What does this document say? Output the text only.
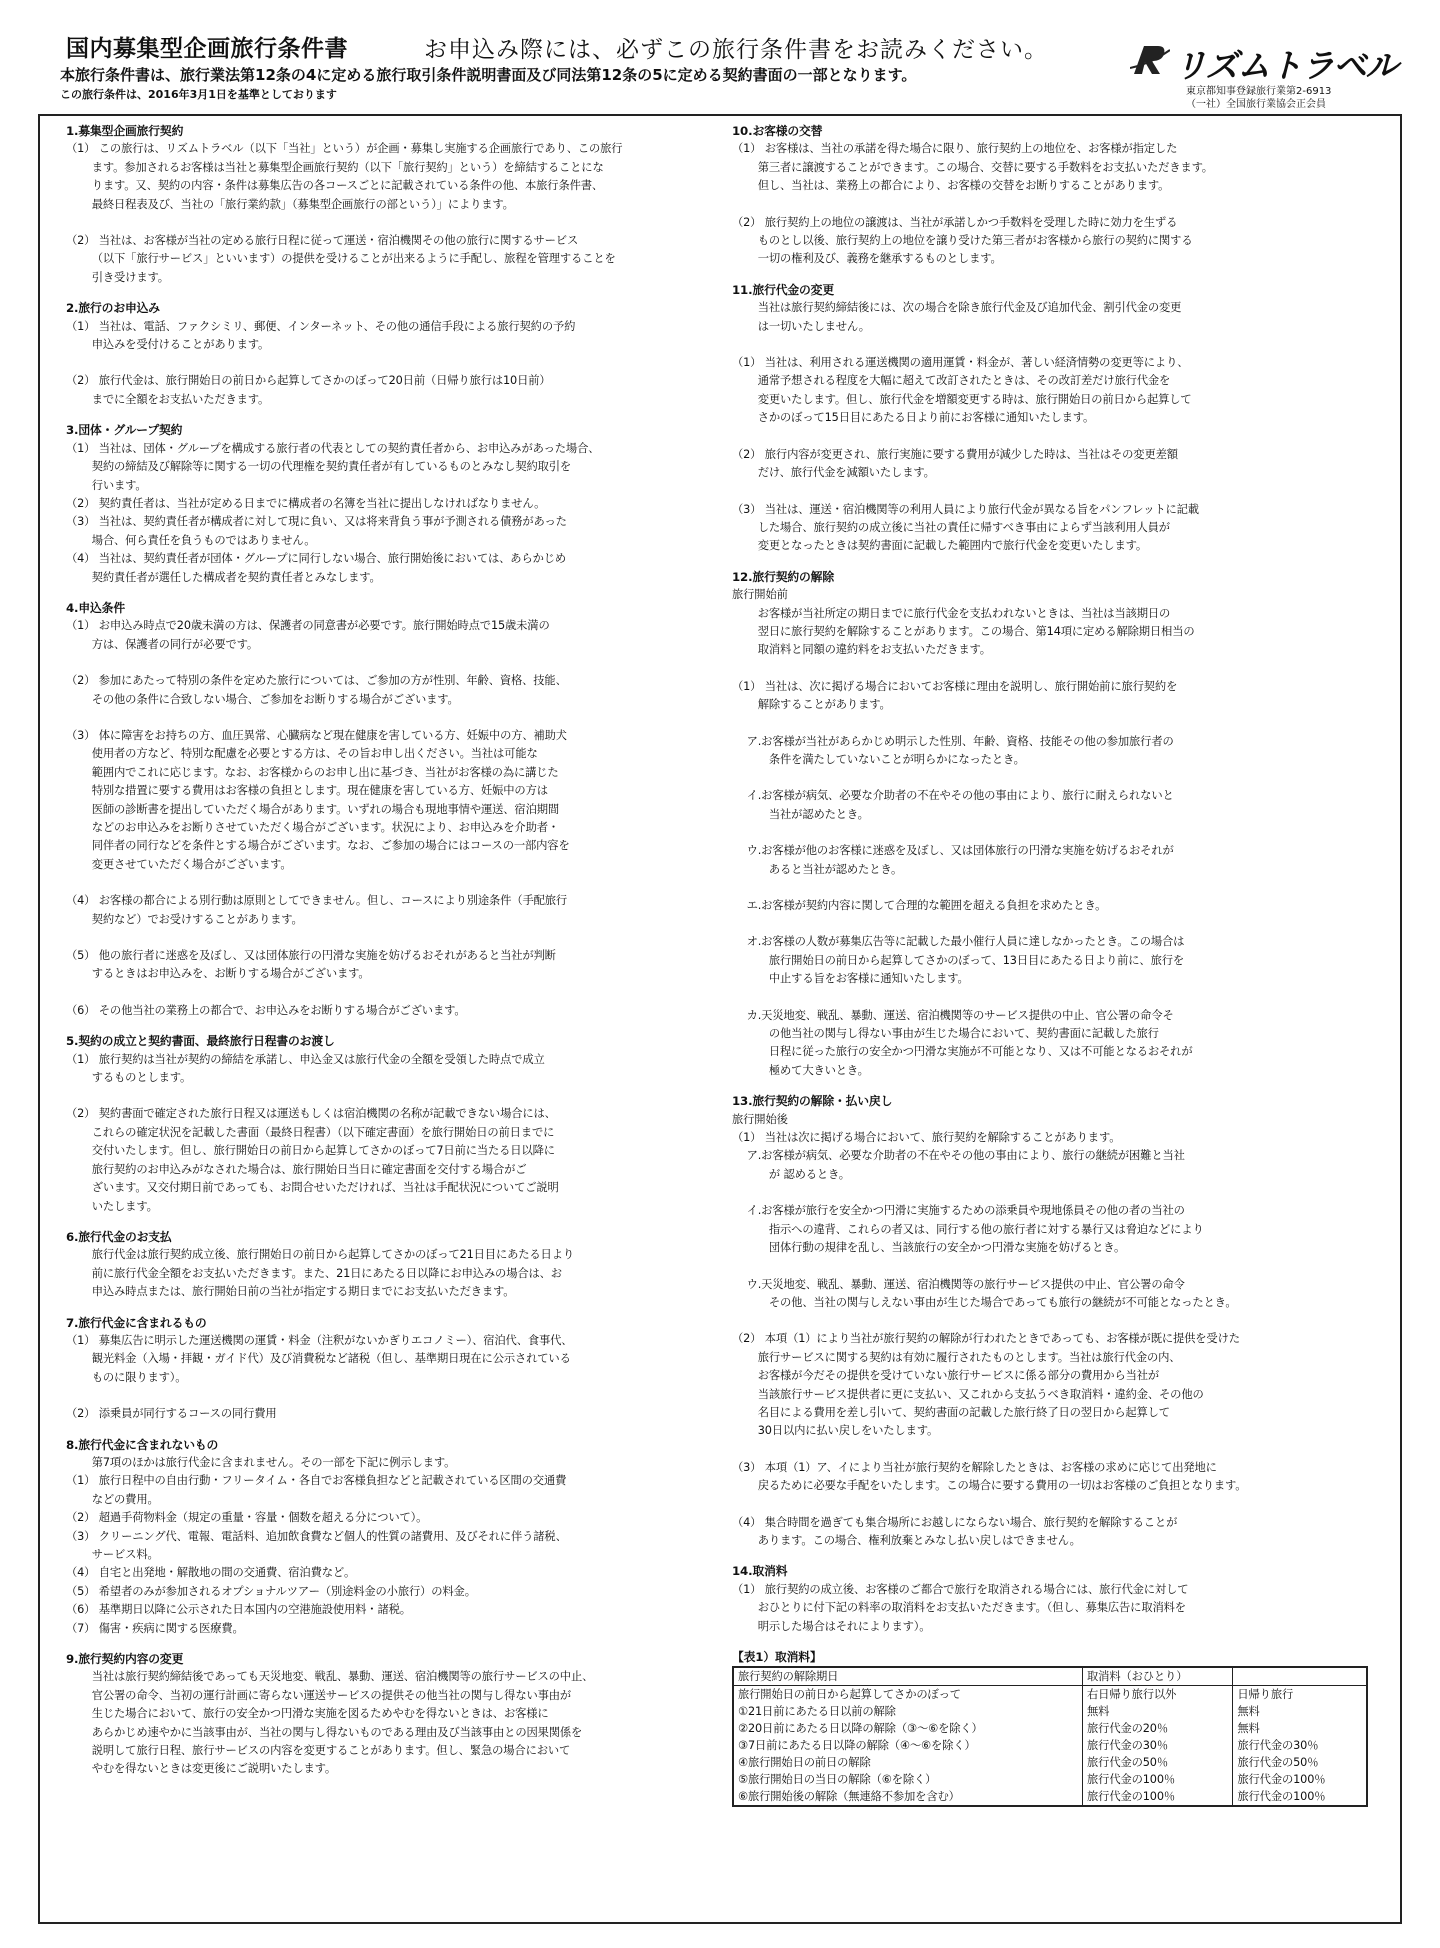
国内募集型企画旅行条件書	お申込み際には、必ずこの旅行条件書をお読みください。
本旅行条件書は、旅行業法第12条の4に定める旅行取引条件説明書面及び同法第12条の5に定める契約書面の一部となります。
この旅行条件は、2016年3月1日を基準としております
リズムトラベル
東京都知事登録旅行業第2-6913
（一社）全国旅行業協会正会員
1.募集型企画旅行契約
（1） この旅行は、リズムトラベル（以下「当社」という）が企画・募集し実施する企画旅行であり、この旅行
　　 ます。参加されるお客様は当社と募集型企画旅行契約（以下「旅行契約」という）を締結することにな
　　 ります。又、契約の内容・条件は募集広告の各コースごとに記載されている条件の他、本旅行条件書、
　　 最終日程表及び、当社の「旅行業約款」（募集型企画旅行の部という）」によります。
（2） 当社は、お客様が当社の定める旅行日程に従って運送・宿泊機関その他の旅行に関するサービス
　　 （以下「旅行サービス」といいます）の提供を受けることが出来るように手配し、旅程を管理することを
　　 引き受けます。
2.旅行のお申込み
（1） 当社は、電話、ファクシミリ、郵便、インターネット、その他の通信手段による旅行契約の予約
　　 申込みを受付けることがあります。
（2） 旅行代金は、旅行開始日の前日から起算してさかのぼって20日前（日帰り旅行は10日前）
　　 までに全額をお支払いただきます。
3.団体・グループ契約
（1） 当社は、団体・グループを構成する旅行者の代表としての契約責任者から、お申込みがあった場合、
　　 契約の締結及び解除等に関する一切の代理権を契約責任者が有しているものとみなし契約取引を
　　 行います。
（2） 契約責任者は、当社が定める日までに構成者の名簿を当社に提出しなければなりません。
（3） 当社は、契約責任者が構成者に対して現に負い、又は将来背負う事が予測される債務があった
　　 場合、何ら責任を負うものではありません。
（4） 当社は、契約責任者が団体・グループに同行しない場合、旅行開始後においては、あらかじめ
　　 契約責任者が選任した構成者を契約責任者とみなします。
4.申込条件
（1） お申込み時点で20歳未満の方は、保護者の同意書が必要です。旅行開始時点で15歳未満の
　　 方は、保護者の同行が必要です。
（2） 参加にあたって特別の条件を定めた旅行については、ご参加の方が性別、年齢、資格、技能、
　　 その他の条件に合致しない場合、ご参加をお断りする場合がございます。
（3） 体に障害をお持ちの方、血圧異常、心臓病など現在健康を害している方、妊娠中の方、補助犬
　　 使用者の方など、特別な配慮を必要とする方は、その旨お申し出ください。当社は可能な
　　 範囲内でこれに応じます。なお、お客様からのお申し出に基づき、当社がお客様の為に講じた
　　 特別な措置に要する費用はお客様の負担とします。現在健康を害している方、妊娠中の方は
　　 医師の診断書を提出していただく場合があります。いずれの場合も現地事情や運送、宿泊期間
　　 などのお申込みをお断りさせていただく場合がございます。状況により、お申込みを介助者・
　　 同伴者の同行などを条件とする場合がございます。なお、ご参加の場合にはコースの一部内容を
　　 変更させていただく場合がございます。
（4） お客様の都合による別行動は原則としてできません。但し、コースにより別途条件（手配旅行
　　 契約など）でお受けすることがあります。
（5） 他の旅行者に迷惑を及ぼし、又は団体旅行の円滑な実施を妨げるおそれがあると当社が判断
　　 するときはお申込みを、お断りする場合がございます。
（6） その他当社の業務上の都合で、お申込みをお断りする場合がございます。
5.契約の成立と契約書面、最終旅行日程書のお渡し
（1） 旅行契約は当社が契約の締結を承諾し、申込金又は旅行代金の全額を受領した時点で成立
　　 するものとします。
（2） 契約書面で確定された旅行日程又は運送もしくは宿泊機関の名称が記載できない場合には、
　　 これらの確定状況を記載した書面（最終日程書）（以下確定書面）を旅行開始日の前日までに
　　 交付いたします。但し、旅行開始日の前日から起算してさかのぼって7日前に当たる日以降に
　　 旅行契約のお申込みがなされた場合は、旅行開始日当日に確定書面を交付する場合がご
　　 ざいます。又交付期日前であっても、お問合せいただければ、当社は手配状況についてご説明
　　 いたします。
6.旅行代金のお支払
　　 旅行代金は旅行契約成立後、旅行開始日の前日から起算してさかのぼって21日目にあたる日より
　　 前に旅行代金全額をお支払いただきます。また、21日にあたる日以降にお申込みの場合は、お
　　 申込み時点または、旅行開始日前の当社が指定する期日までにお支払いただきます。
7.旅行代金に含まれるもの
（1） 募集広告に明示した運送機関の運賃・料金（注釈がないかぎりエコノミー）、宿泊代、食事代、
　　 観光料金（入場・拝観・ガイド代）及び消費税など諸税（但し、基準期日現在に公示されている
　　 ものに限ります）。
（2） 添乗員が同行するコースの同行費用
8.旅行代金に含まれないもの
　　 第7項のほかは旅行代金に含まれません。その一部を下記に例示します。
（1） 旅行日程中の自由行動・フリータイム・各自でお客様負担などと記載されている区間の交通費
　　 などの費用。
（2） 超過手荷物料金（規定の重量・容量・個数を超える分について）。
（3） クリーニング代、電報、電話料、追加飲食費など個人的性質の諸費用、及びそれに伴う諸税、
　　 サービス料。
（4） 自宅と出発地・解散地の間の交通費、宿泊費など。
（5） 希望者のみが参加されるオプショナルツアー（別途料金の小旅行）の料金。
（6） 基準期日以降に公示された日本国内の空港施設使用料・諸税。
（7） 傷害・疾病に関する医療費。
9.旅行契約内容の変更
　　 当社は旅行契約締結後であっても天災地変、戦乱、暴動、運送、宿泊機関等の旅行サービスの中止、
　　 官公署の命令、当初の運行計画に寄らない運送サービスの提供その他当社の関与し得ない事由が
　　 生じた場合において、旅行の安全かつ円滑な実施を図るためやむを得ないときは、お客様に
　　 あらかじめ速やかに当該事由が、当社の関与し得ないものである理由及び当該事由との因果関係を
　　 説明して旅行日程、旅行サービスの内容を変更することがあります。但し、緊急の場合において
　　 やむを得ないときは変更後にご説明いたします。
10.お客様の交替
（1） お客様は、当社の承諾を得た場合に限り、旅行契約上の地位を、お客様が指定した
　　 第三者に譲渡することができます。この場合、交替に要する手数料をお支払いただきます。
　　 但し、当社は、業務上の都合により、お客様の交替をお断りすることがあります。
（2） 旅行契約上の地位の譲渡は、当社が承諾しかつ手数料を受理した時に効力を生ずる
　　 ものとし以後、旅行契約上の地位を譲り受けた第三者がお客様から旅行の契約に関する
　　 一切の権利及び、義務を継承するものとします。
11.旅行代金の変更
　　 当社は旅行契約締結後には、次の場合を除き旅行代金及び追加代金、割引代金の変更
　　 は一切いたしません。
（1） 当社は、利用される運送機関の適用運賃・料金が、著しい経済情勢の変更等により、
　　 通常予想される程度を大幅に超えて改訂されたときは、その改訂差だけ旅行代金を
　　 変更いたします。但し、旅行代金を増額変更する時は、旅行開始日の前日から起算して
　　 さかのぼって15日目にあたる日より前にお客様に通知いたします。
（2） 旅行内容が変更され、旅行実施に要する費用が減少した時は、当社はその変更差額
　　 だけ、旅行代金を減額いたします。
（3） 当社は、運送・宿泊機関等の利用人員により旅行代金が異なる旨をパンフレットに記載
　　 した場合、旅行契約の成立後に当社の責任に帰すべき事由によらず当該利用人員が
　　 変更となったときは契約書面に記載した範囲内で旅行代金を変更いたします。
12.旅行契約の解除
旅行開始前
　　 お客様が当社所定の期日までに旅行代金を支払われないときは、当社は当該期日の
　　 翌日に旅行契約を解除することがあります。この場合、第14項に定める解除期日相当の
　　 取消料と同額の違約料をお支払いただきます。
（1） 当社は、次に掲げる場合においてお客様に理由を説明し、旅行開始前に旅行契約を
　　 解除することがあります。
　 ア.お客様が当社があらかじめ明示した性別、年齢、資格、技能その他の参加旅行者の
　　　 条件を満たしていないことが明らかになったとき。
　 イ.お客様が病気、必要な介助者の不在やその他の事由により、旅行に耐えられないと
　　　 当社が認めたとき。
　 ウ.お客様が他のお客様に迷惑を及ぼし、又は団体旅行の円滑な実施を妨げるおそれが
　　　 あると当社が認めたとき。
　 エ.お客様が契約内容に関して合理的な範囲を超える負担を求めたとき。
　 オ.お客様の人数が募集広告等に記載した最小催行人員に達しなかったとき。この場合は
　　　 旅行開始日の前日から起算してさかのぼって、13日目にあたる日より前に、旅行を
　　　 中止する旨をお客様に通知いたします。
　 カ.天災地変、戦乱、暴動、運送、宿泊機関等のサービス提供の中止、官公署の命令そ
　　　 の他当社の関与し得ない事由が生じた場合において、契約書面に記載した旅行
　　　 日程に従った旅行の安全かつ円滑な実施が不可能となり、又は不可能となるおそれが
　　　 極めて大きいとき。
13.旅行契約の解除・払い戻し
旅行開始後
（1） 当社は次に掲げる場合において、旅行契約を解除することがあります。
　 ア.お客様が病気、必要な介助者の不在やその他の事由により、旅行の継続が困難と当社
　　　 が 認めるとき。
　 イ.お客様が旅行を安全かつ円滑に実施するための添乗員や現地係員その他の者の当社の
　　　 指示への違背、これらの者又は、同行する他の旅行者に対する暴行又は脅迫などにより
　　　 団体行動の規律を乱し、当該旅行の安全かつ円滑な実施を妨げるとき。
　 ウ.天災地変、戦乱、暴動、運送、宿泊機関等の旅行サービス提供の中止、官公署の命令
　　　 その他、当社の関与しえない事由が生じた場合であっても旅行の継続が不可能となったとき。
（2） 本項（1）により当社が旅行契約の解除が行われたときであっても、お客様が既に提供を受けた
　　 旅行サービスに関する契約は有効に履行されたものとします。当社は旅行代金の内、
　　 お客様が今だその提供を受けていない旅行サービスに係る部分の費用から当社が
　　 当該旅行サービス提供者に更に支払い、又これから支払うべき取消料・違約金、その他の
　　 名目による費用を差し引いて、契約書面の記載した旅行終了日の翌日から起算して
　　 30日以内に払い戻しをいたします。
（3） 本項（1）ア、イにより当社が旅行契約を解除したときは、お客様の求めに応じて出発地に
　　 戻るために必要な手配をいたします。この場合に要する費用の一切はお客様のご負担となります。
（4） 集合時間を過ぎても集合場所にお越しにならない場合、旅行契約を解除することが
　　 あります。この場合、権利放棄とみなし払い戻しはできません。
14.取消料
（1） 旅行契約の成立後、お客様のご都合で旅行を取消される場合には、旅行代金に対して
　　 おひとりに付下記の料率の取消料をお支払いただきます。（但し、募集広告に取消料を
　　 明示した場合はそれによります）。
【表1）取消料】
旅行契約の解除期日	取消料（おひとり）	
旅行開始日の前日から起算してさかのぼって	右日帰り旅行以外	日帰り旅行
①21日前にあたる日以前の解除	無料	無料
②20日前にあたる日以降の解除（③～⑥を除く）	旅行代金の20％	無料
③7日前にあたる日以降の解除（④～⑥を除く）	旅行代金の30％	旅行代金の30％
④旅行開始日の前日の解除	旅行代金の50％	旅行代金の50％
⑤旅行開始日の当日の解除（⑥を除く）	旅行代金の100％	旅行代金の100％
⑥旅行開始後の解除（無連絡不参加を含む）	旅行代金の100％	旅行代金の100％
